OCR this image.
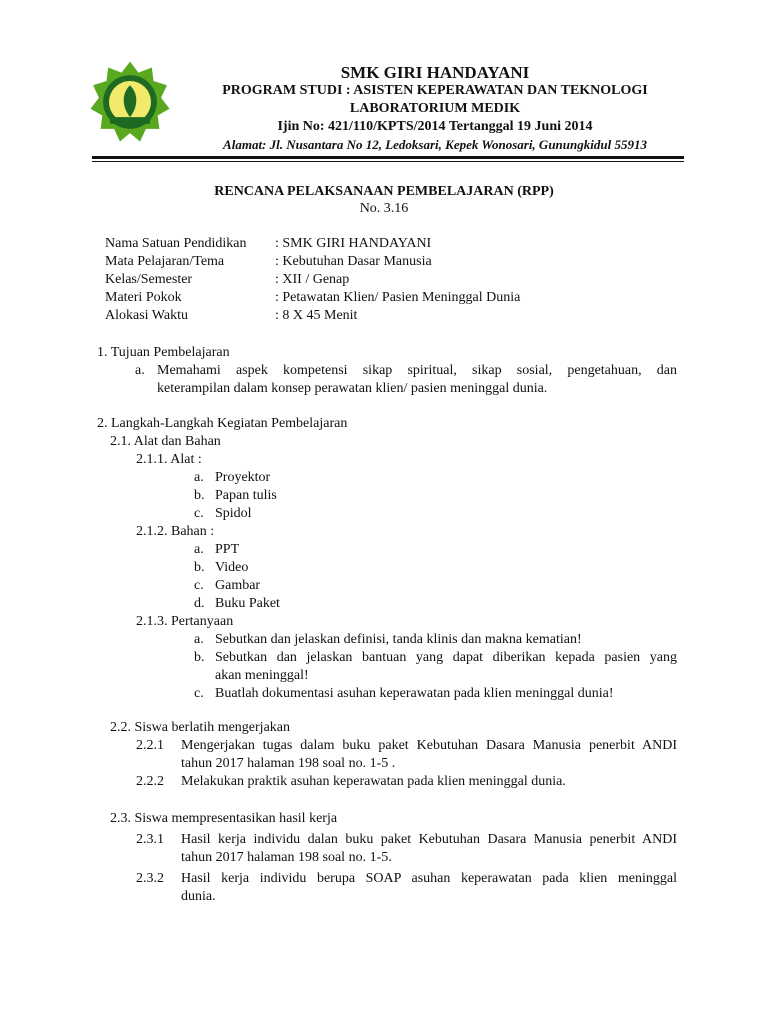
SMK GIRI HANDAYANI
PROGRAM STUDI : ASISTEN KEPERAWATAN DAN TEKNOLOGI
LABORATORIUM MEDIK
Ijin No: 421/110/KPTS/2014 Tertanggal 19 Juni 2014
Alamat: Jl. Nusantara No 12, Ledoksari, Kepek Wonosari, Gunungkidul 55913
RENCANA PELAKSANAAN PEMBELAJARAN (RPP)
No. 3.16
Nama Satuan Pendidikan : SMK GIRI HANDAYANI
Mata Pelajaran/Tema	: Kebutuhan Dasar Manusia
Kelas/Semester	: XII / Genap
Materi Pokok	: Petawatan Klien/ Pasien Meninggal Dunia
Alokasi Waktu	: 8 X 45 Menit
1. Tujuan Pembelajaran
a. Memahami aspek kompetensi sikap spiritual, sikap sosial, pengetahuan, dan
keterampilan dalam konsep perawatan klien/ pasien meninggal dunia.
2. Langkah-Langkah Kegiatan Pembelajaran
2.1. Alat dan Bahan
2.1.1. Alat :
a. Proyektor
b. Papan tulis
c. Spidol
2.1.2. Bahan :
a. PPT
b. Video
c. Gambar
d. Buku Paket
2.1.3. Pertanyaan
a. Sebutkan dan jelaskan definisi, tanda klinis dan makna kematian!
b. Sebutkan dan jelaskan bantuan yang dapat diberikan kepada pasien yang
akan meninggal!
c. Buatlah dokumentasi asuhan keperawatan pada klien meninggal dunia!
2.2. Siswa berlatih mengerjakan
2.2.1 Mengerjakan tugas dalam buku paket Kebutuhan Dasara Manusia penerbit ANDI
tahun 2017 halaman 198 soal no. 1-5 .
2.2.2 Melakukan praktik asuhan keperawatan pada klien meninggal dunia.
2.3. Siswa mempresentasikan hasil kerja
2.3.1 Hasil kerja individu dalan buku paket Kebutuhan Dasara Manusia penerbit ANDI
tahun 2017 halaman 198 soal no. 1-5.
2.3.2 Hasil kerja individu berupa SOAP asuhan keperawatan pada klien meninggal
dunia.
